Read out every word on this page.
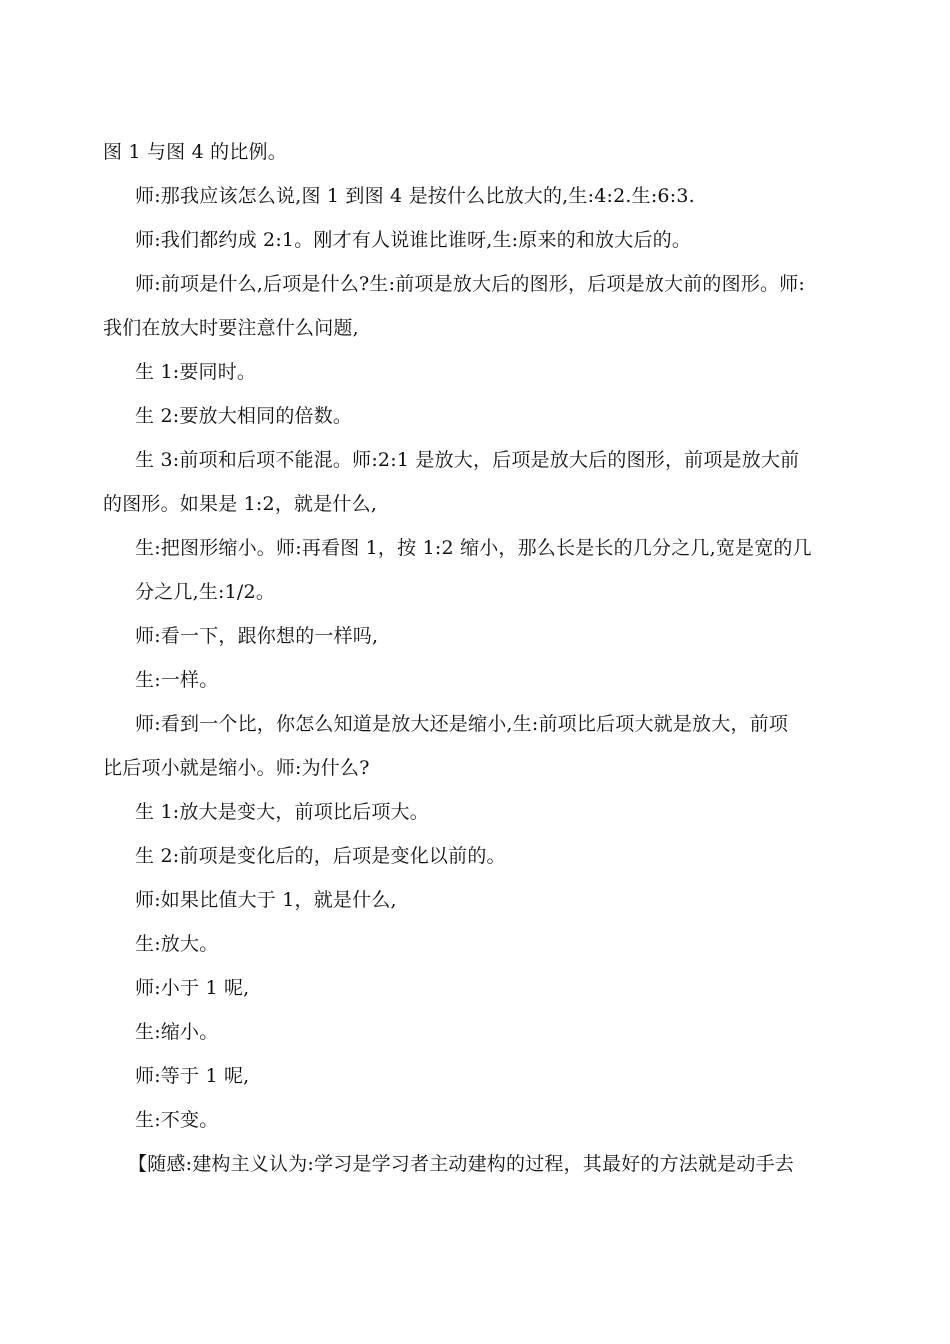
图 1 与图 4 的比例。
师:那我应该怎么说,图 1 到图 4 是按什么比放大的,生:4:2.生:6:3.
师:我们都约成 2:1。刚才有人说谁比谁呀,生:原来的和放大后的。
师:前项是什么,后项是什么?生:前项是放大后的图形，后项是放大前的图形。师:
我们在放大时要注意什么问题,
生 1:要同时。
生 2:要放大相同的倍数。
生 3:前项和后项不能混。师:2:1 是放大，后项是放大后的图形，前项是放大前
的图形。如果是 1:2，就是什么,
生:把图形缩小。师:再看图 1，按 1:2 缩小，那么长是长的几分之几,宽是宽的几
分之几,生:1/2。
师:看一下，跟你想的一样吗,
生:一样。
师:看到一个比，你怎么知道是放大还是缩小,生:前项比后项大就是放大，前项
比后项小就是缩小。师:为什么?
生 1:放大是变大，前项比后项大。
生 2:前项是变化后的，后项是变化以前的。
师:如果比值大于 1，就是什么,
生:放大。
师:小于 1 呢,
生:缩小。
师:等于 1 呢,
生:不变。
【随感:建构主义认为:学习是学习者主动建构的过程，其最好的方法就是动手去
